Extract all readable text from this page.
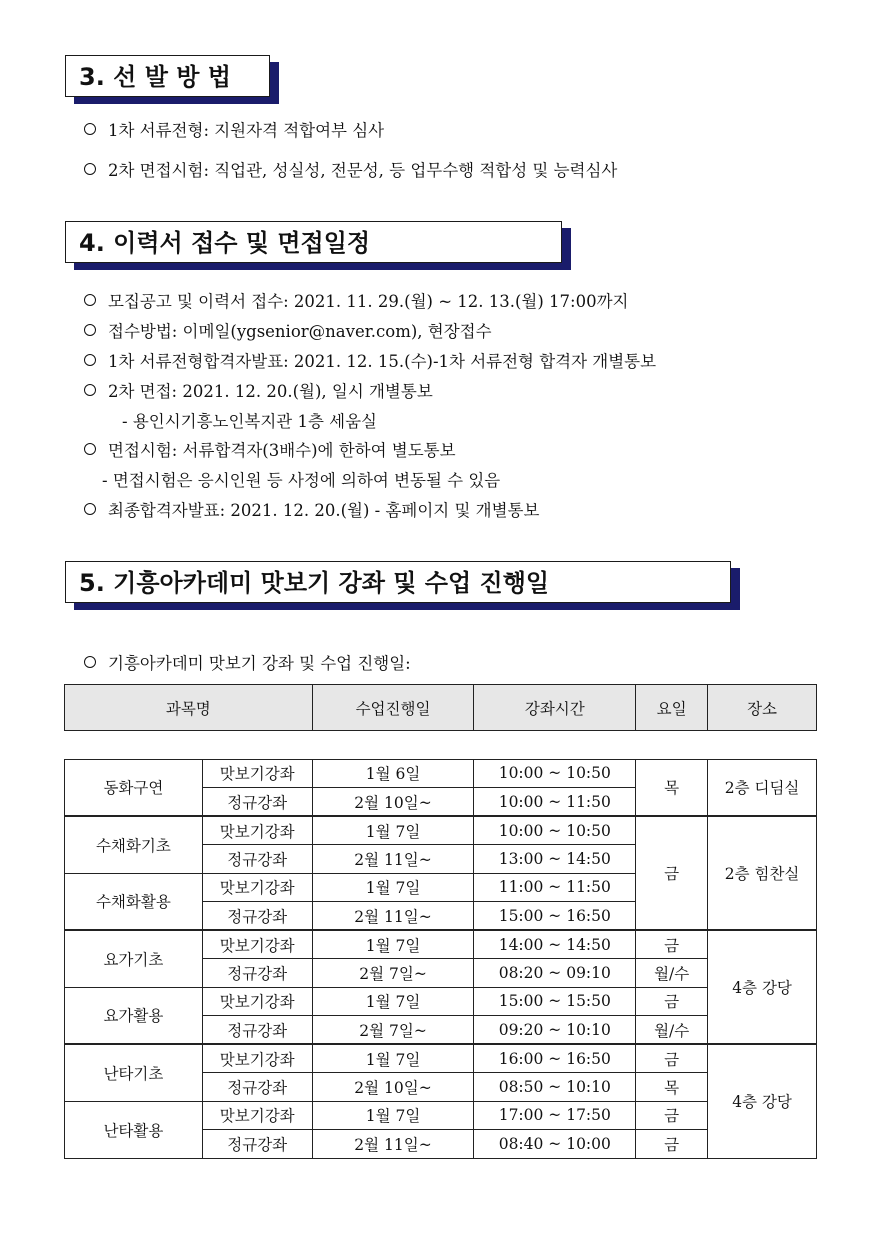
3. 선 발 방 법
1차 서류전형: 지원자격 적합여부 심사
2차 면접시험: 직업관, 성실성, 전문성, 등 업무수행 적합성 및 능력심사
4. 이력서 접수 및 면접일정
모집공고 및 이력서 접수: 2021. 11. 29.(월) ~ 12. 13.(월) 17:00까지
접수방법: 이메일(ygsenior@naver.com), 현장접수
1차 서류전형합격자발표: 2021. 12. 15.(수)-1차 서류전형 합격자 개별통보
2차 면접: 2021. 12. 20.(월), 일시 개별통보
- 용인시기흥노인복지관 1층 세움실
면접시험: 서류합격자(3배수)에 한하여 별도통보
- 면접시험은 응시인원 등 사정에 의하여 변동될 수 있음
최종합격자발표: 2021. 12. 20.(월) - 홈페이지 및 개별통보
5. 기흥아카데미 맛보기 강좌 및 수업 진행일
기흥아카데미 맛보기 강좌 및 수업 진행일:
과목명		수업진행일	강좌시간	요일	장소

동화구연	맛보기강좌	1월 6일	10:00 ~ 10:50	목	2층 디딤실
	정규강좌	2월 10일~	10:00 ~ 11:50		
수채화기초	맛보기강좌	1월 7일	10:00 ~ 10:50	금	2층 힘찬실
	정규강좌	2월 11일~	13:00 ~ 14:50		
수채화활용	맛보기강좌	1월 7일	11:00 ~ 11:50		
	정규강좌	2월 11일~	15:00 ~ 16:50		
요가기초	맛보기강좌	1월 7일	14:00 ~ 14:50	금	4층 강당
	정규강좌	2월 7일~	08:20 ~ 09:10	월/수	
요가활용	맛보기강좌	1월 7일	15:00 ~ 15:50	금	
	정규강좌	2월 7일~	09:20 ~ 10:10	월/수	
난타기초	맛보기강좌	1월 7일	16:00 ~ 16:50	금	4층 강당
	정규강좌	2월 10일~	08:50 ~ 10:10	목	
난타활용	맛보기강좌	1월 7일	17:00 ~ 17:50	금	
	정규강좌	2월 11일~	08:40 ~ 10:00	금	
